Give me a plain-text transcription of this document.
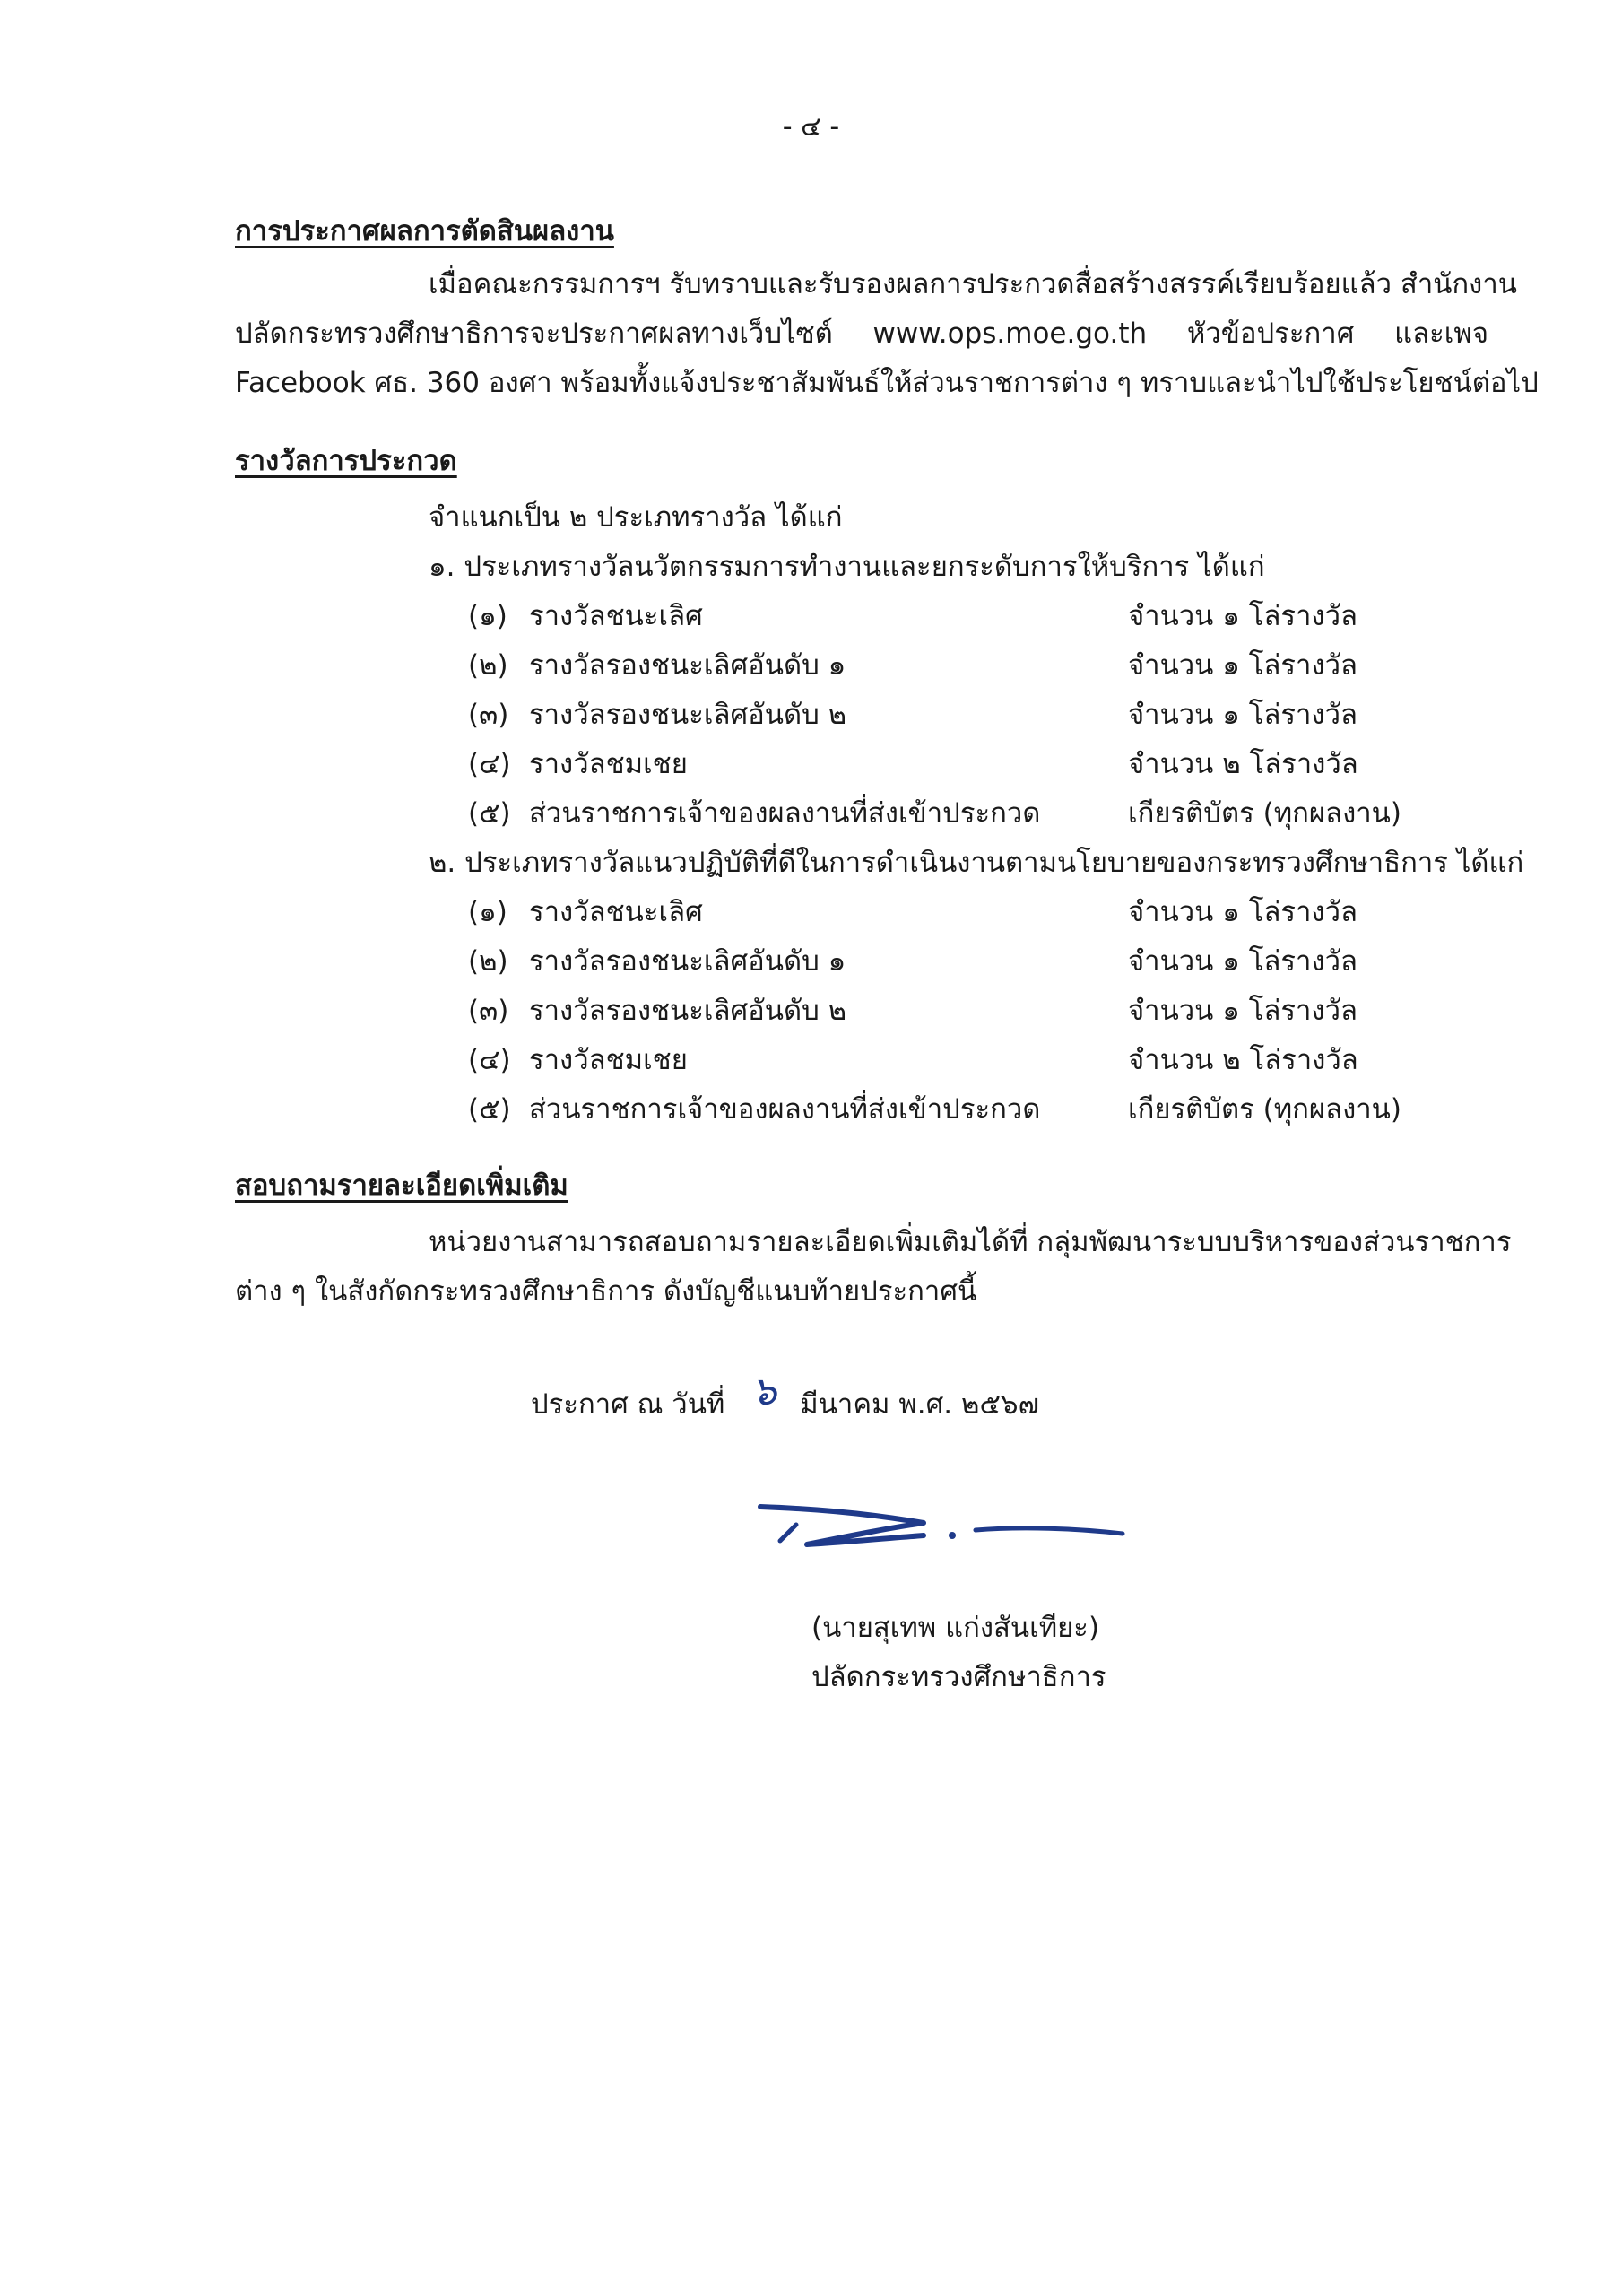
- ๔ -
การประกาศผลการตัดสินผลงาน
เมื่อคณะกรรมการฯ รับทราบและรับรองผลการประกวดสื่อสร้างสรรค์เรียบร้อยแล้ว สำนักงาน
ปลัดกระทรวงศึกษาธิการจะประกาศผลทางเว็บไซต์ www.ops.moe.go.th หัวข้อประกาศ และเพจ
Facebook ศธ. 360 องศา พร้อมทั้งแจ้งประชาสัมพันธ์ให้ส่วนราชการต่าง ๆ ทราบและนำไปใช้ประโยชน์ต่อไป
รางวัลการประกวด
จำแนกเป็น ๒ ประเภทรางวัล ได้แก่
๑. ประเภทรางวัลนวัตกรรมการทำงานและยกระดับการให้บริการ ได้แก่
(๑) รางวัลชนะเลิศ	จำนวน ๑ โล่รางวัล
(๒) รางวัลรองชนะเลิศอันดับ ๑	จำนวน ๑ โล่รางวัล
(๓) รางวัลรองชนะเลิศอันดับ ๒	จำนวน ๑ โล่รางวัล
(๔) รางวัลชมเชย	จำนวน ๒ โล่รางวัล
(๕) ส่วนราชการเจ้าของผลงานที่ส่งเข้าประกวด	เกียรติบัตร (ทุกผลงาน)
๒. ประเภทรางวัลแนวปฏิบัติที่ดีในการดำเนินงานตามนโยบายของกระทรวงศึกษาธิการ ได้แก่
(๑) รางวัลชนะเลิศ	จำนวน ๑ โล่รางวัล
(๒) รางวัลรองชนะเลิศอันดับ ๑	จำนวน ๑ โล่รางวัล
(๓) รางวัลรองชนะเลิศอันดับ ๒	จำนวน ๑ โล่รางวัล
(๔) รางวัลชมเชย	จำนวน ๒ โล่รางวัล
(๕) ส่วนราชการเจ้าของผลงานที่ส่งเข้าประกวด	เกียรติบัตร (ทุกผลงาน)
สอบถามรายละเอียดเพิ่มเติม
หน่วยงานสามารถสอบถามรายละเอียดเพิ่มเติมได้ที่ กลุ่มพัฒนาระบบบริหารของส่วนราชการ
ต่าง ๆ ในสังกัดกระทรวงศึกษาธิการ ดังบัญชีแนบท้ายประกาศนี้
ประกาศ ณ วันที่ ๖ มีนาคม พ.ศ. ๒๕๖๗
(นายสุเทพ แก่งสันเทียะ)
ปลัดกระทรวงศึกษาธิการ
